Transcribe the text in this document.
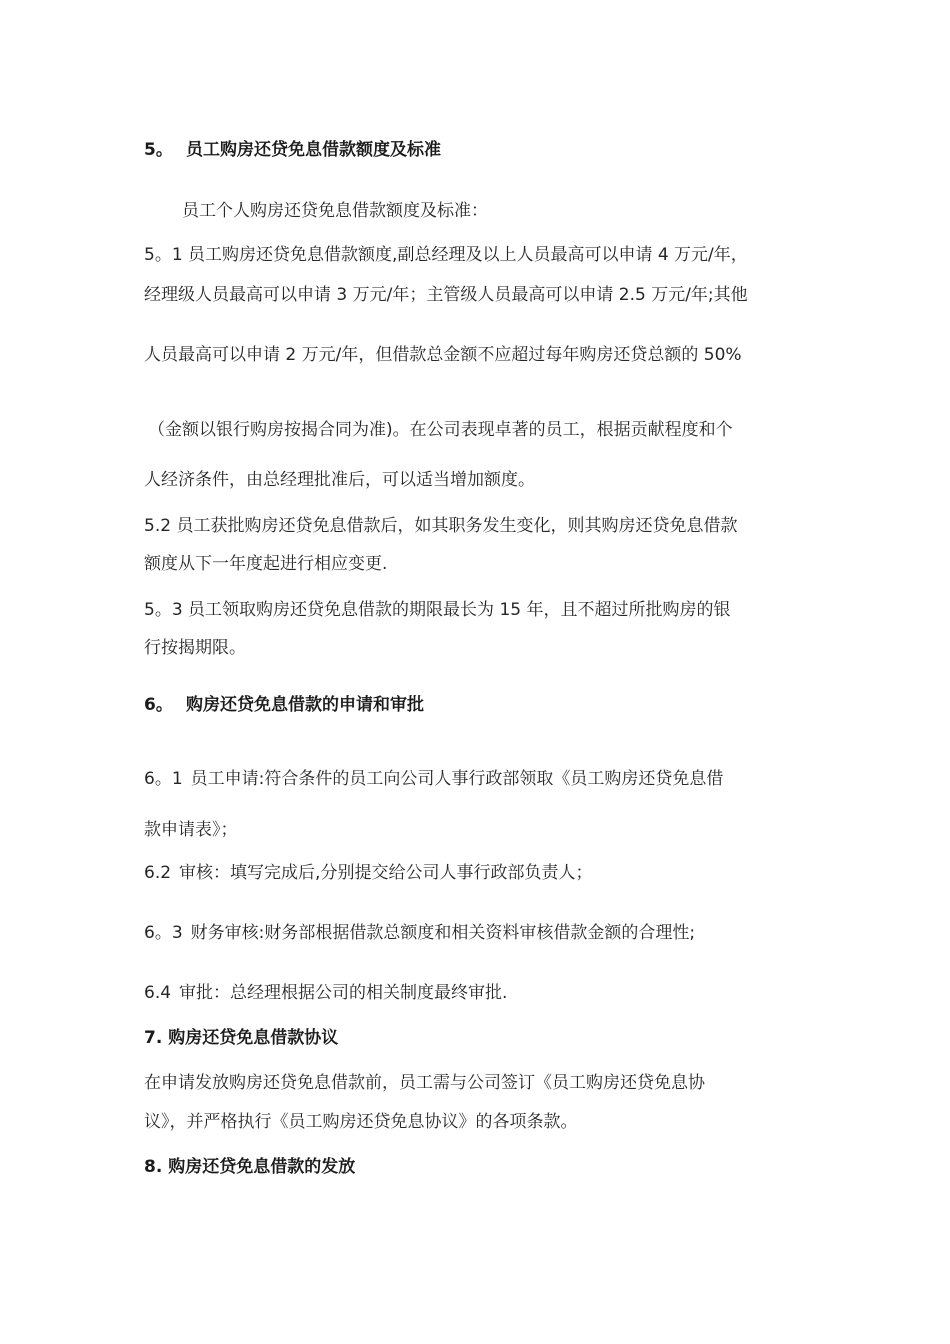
5。 员工购房还贷免息借款额度及标准
员工个人购房还贷免息借款额度及标准：
5。1 员工购房还贷免息借款额度,副总经理及以上人员最高可以申请 4 万元/年，
经理级人员最高可以申请 3 万元/年；主管级人员最高可以申请 2.5 万元/年;其他
人员最高可以申请 2 万元/年，但借款总金额不应超过每年购房还贷总额的 50%
（金额以银行购房按揭合同为准)。在公司表现卓著的员工，根据贡献程度和个
人经济条件，由总经理批准后，可以适当增加额度。
5.2 员工获批购房还贷免息借款后，如其职务发生变化，则其购房还贷免息借款
额度从下一年度起进行相应变更.
5。3 员工领取购房还贷免息借款的期限最长为 15 年，且不超过所批购房的银
行按揭期限。
6。 购房还贷免息借款的申请和审批
6。1 员工申请:符合条件的员工向公司人事行政部领取《员工购房还贷免息借
款申请表》；
6.2 审核：填写完成后,分别提交给公司人事行政部负责人；
6。3 财务审核:财务部根据借款总额度和相关资料审核借款金额的合理性;
6.4 审批：总经理根据公司的相关制度最终审批.
7. 购房还贷免息借款协议
在申请发放购房还贷免息借款前，员工需与公司签订《员工购房还贷免息协
议》，并严格执行《员工购房还贷免息协议》的各项条款。
8. 购房还贷免息借款的发放
